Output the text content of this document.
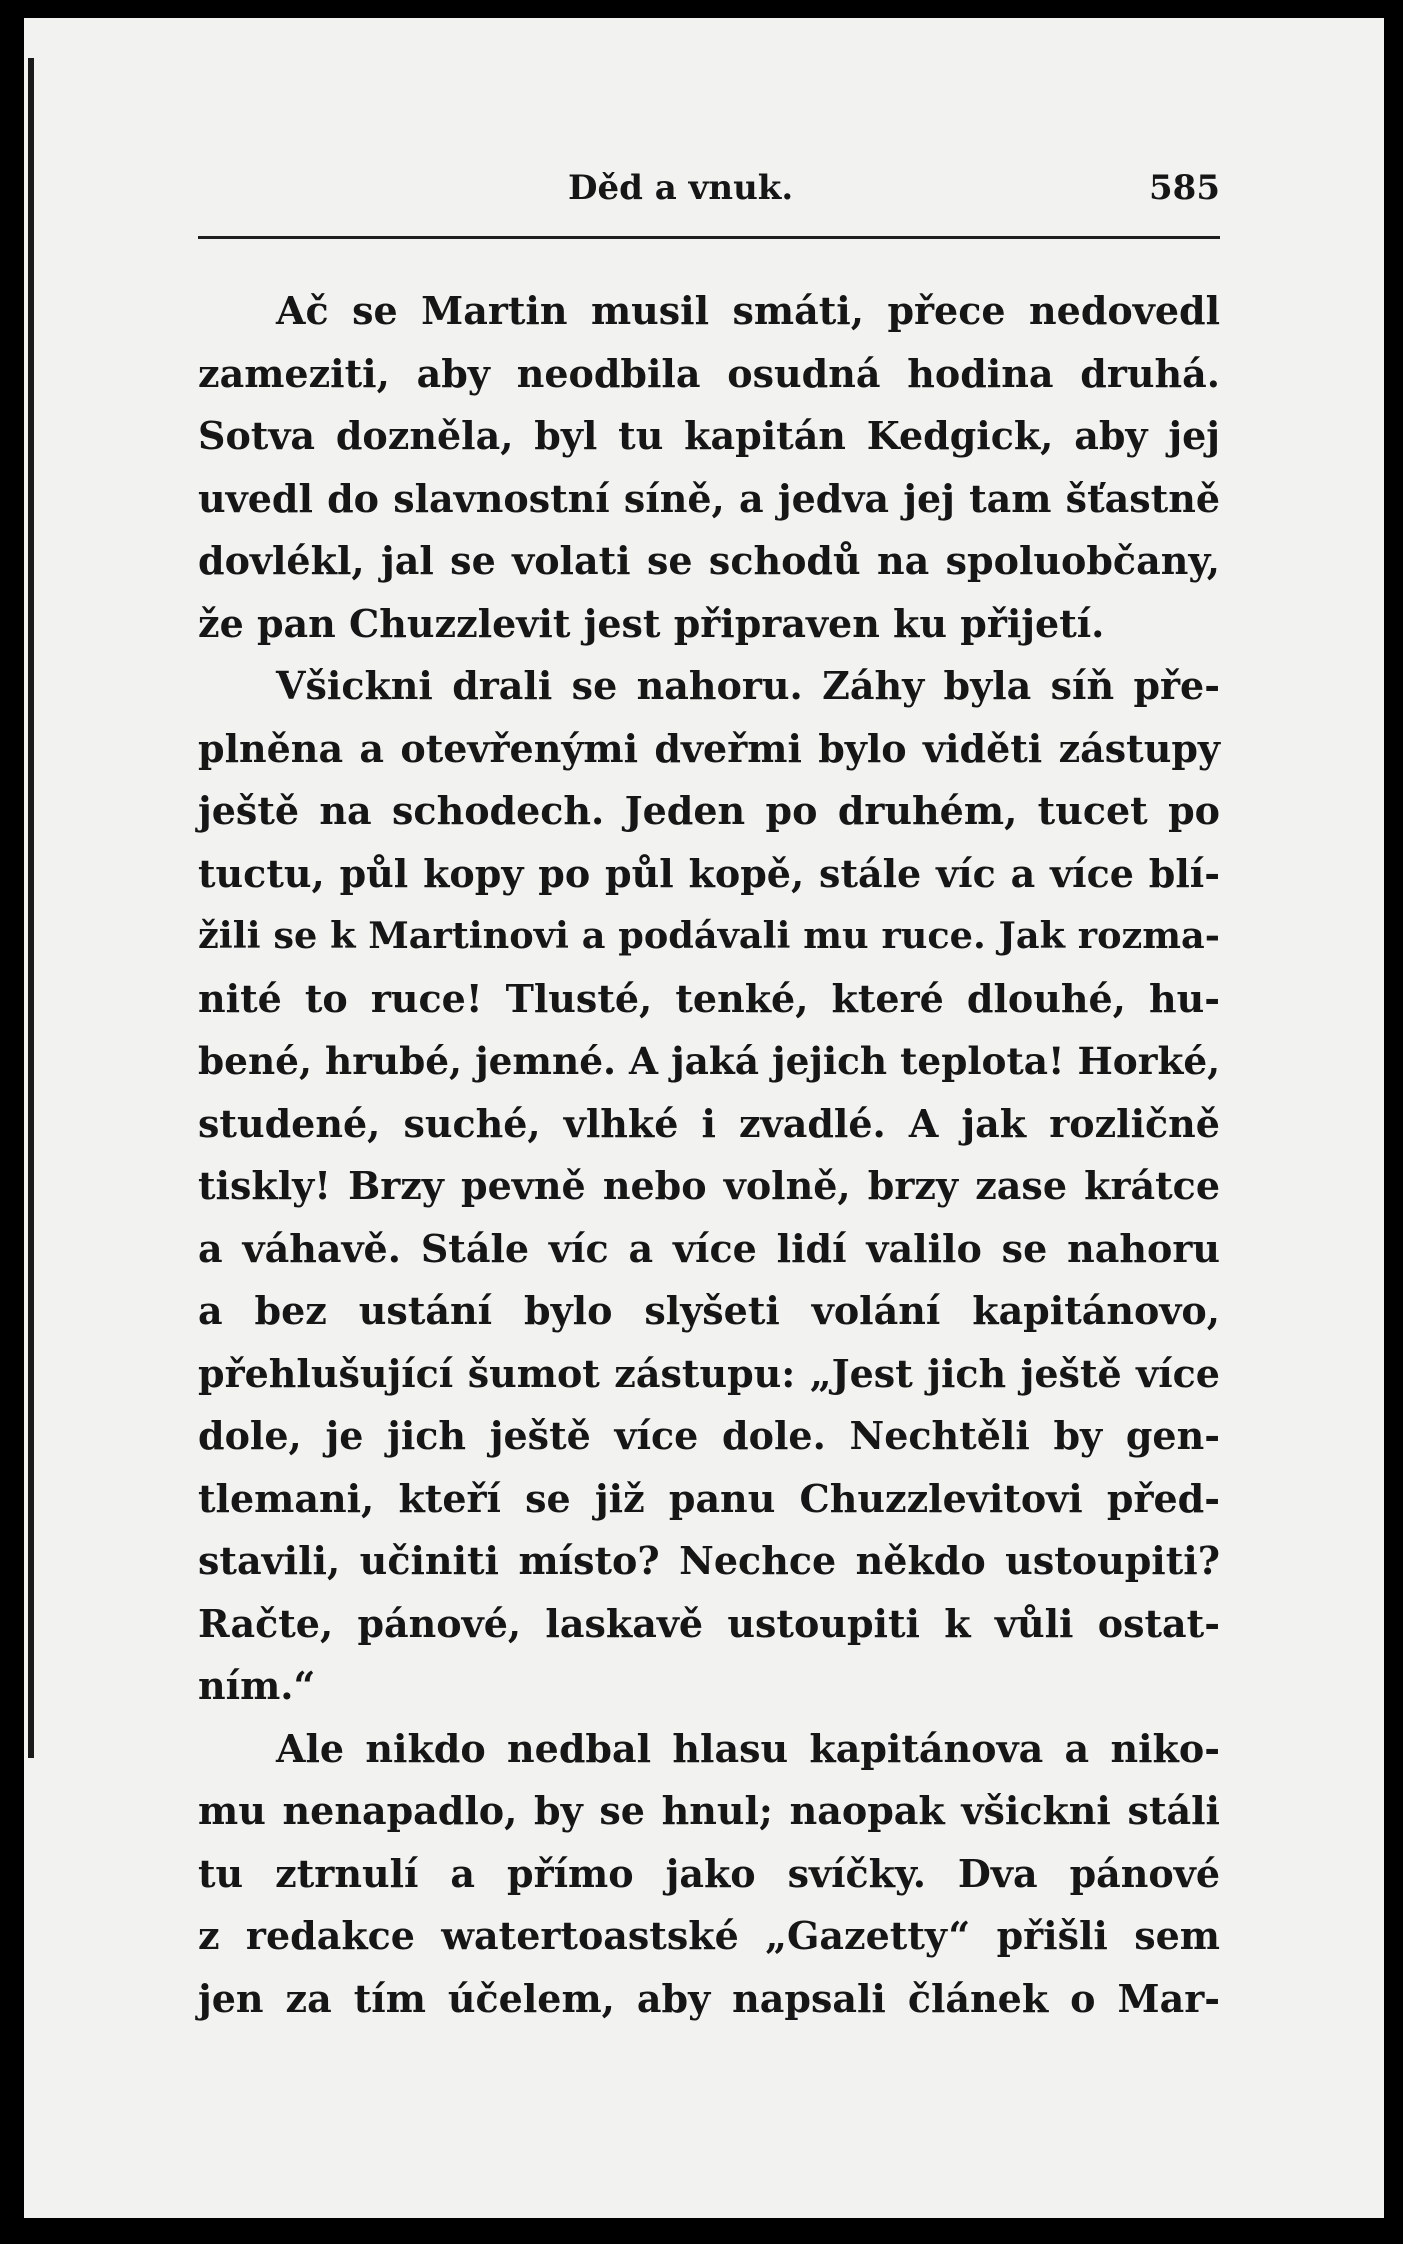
Děd a vnuk.	585

Ač se Martin musil smáti, přece nedovedl
zameziti, aby neodbila osudná hodina druhá.
Sotva dozněla, byl tu kapitán Kedgick, aby jej
uvedl do slavnostní síně, a jedva jej tam šťastně
dovlékl, jal se volati se schodů na spoluobčany,
že pan Chuzzlevit jest připraven ku přijetí.

Všickni drali se nahoru. Záhy byla síň pře-
plněna a otevřenými dveřmi bylo viděti zástupy
ještě na schodech. Jeden po druhém, tucet po
tuctu, půl kopy po půl kopě, stále víc a více blí-
žili se k Martinovi a podávali mu ruce. Jak rozma-
nité to ruce! Tlusté, tenké, které dlouhé, hu-
bené, hrubé, jemné. A jaká jejich teplota! Horké,
studené, suché, vlhké i zvadlé. A jak rozličně
tiskly! Brzy pevně nebo volně, brzy zase krátce
a váhavě. Stále víc a více lidí valilo se nahoru
a bez ustání bylo slyšeti volání kapitánovo,
přehlušující šumot zástupu: „Jest jich ještě více
dole, je jich ještě více dole. Nechtěli by gen-
tlemani, kteří se již panu Chuzzlevitovi před-
stavili, učiniti místo? Nechce někdo ustoupiti?
Račte, pánové, laskavě ustoupiti k vůli ostat-
ním.“

Ale nikdo nedbal hlasu kapitánova a niko-
mu nenapadlo, by se hnul; naopak všickni stáli
tu ztrnulí a přímo jako svíčky. Dva pánové
z redakce watertoastské „Gazetty“ přišli sem
jen za tím účelem, aby napsali článek o Mar-
